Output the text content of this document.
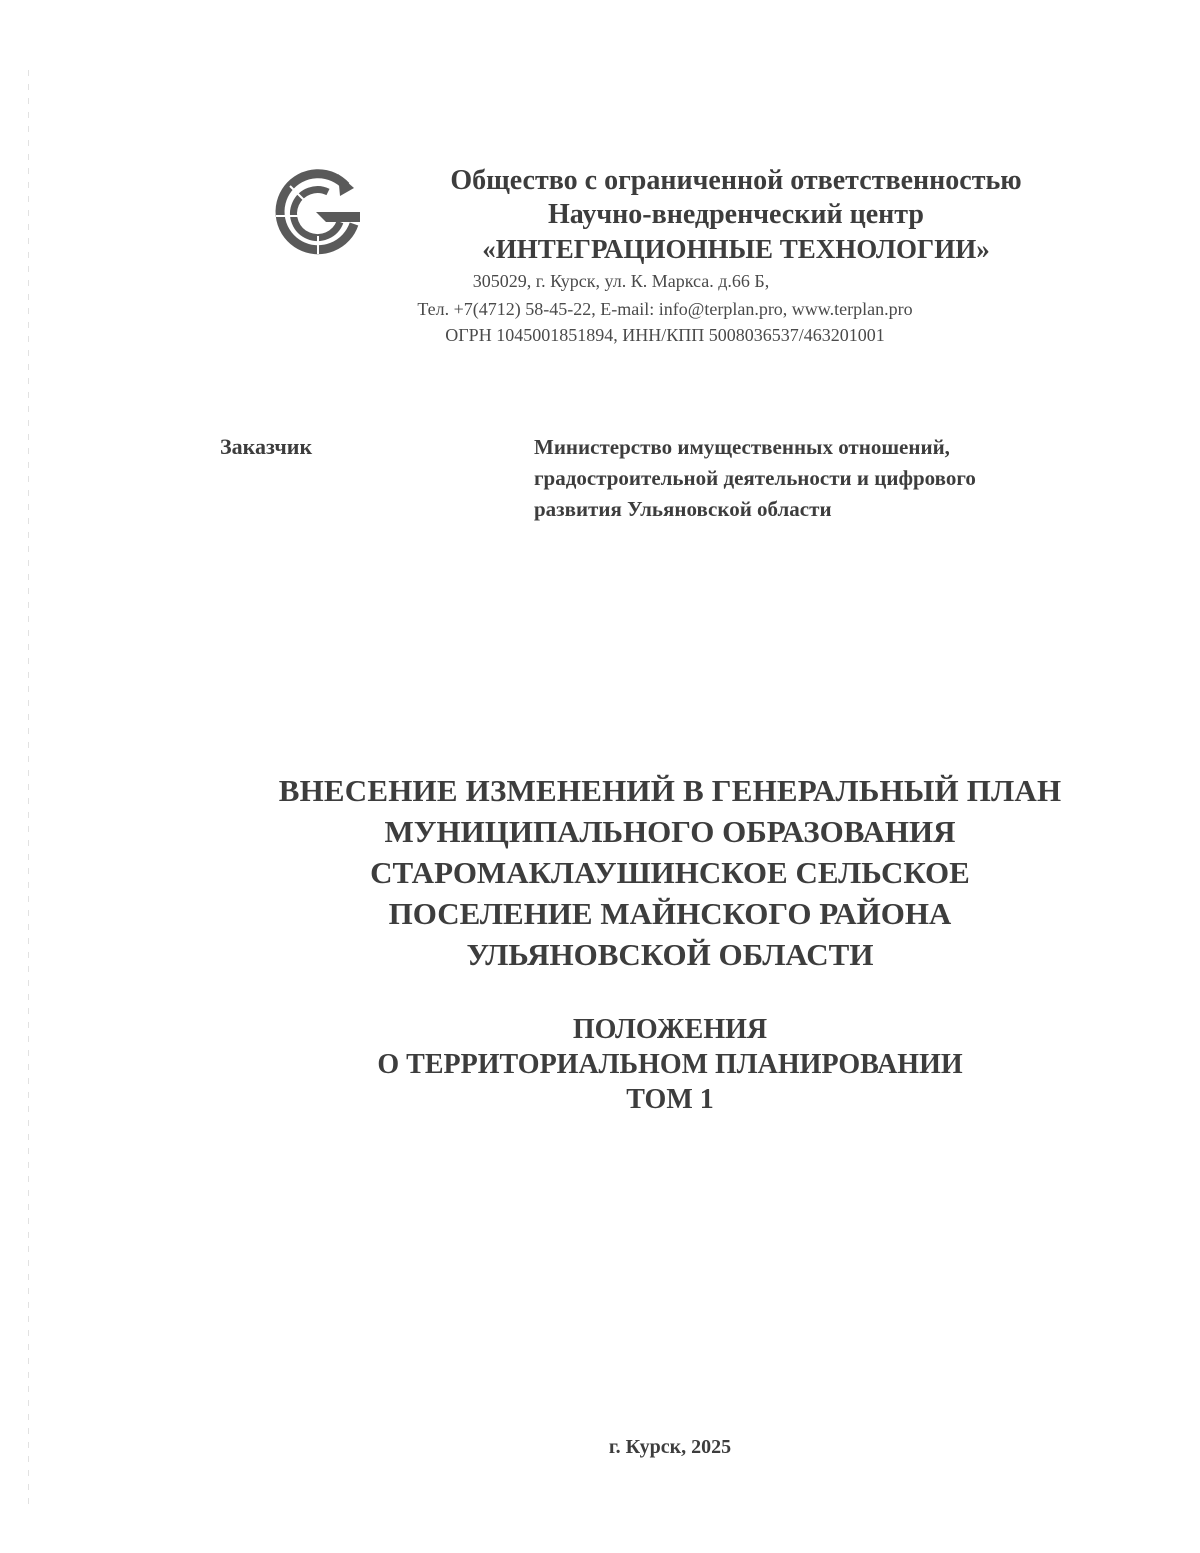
Общество с ограниченной ответственностью
Научно-внедренческий центр
«ИНТЕГРАЦИОННЫЕ ТЕХНОЛОГИИ»
305029, г. Курск, ул. К. Маркса. д.66 Б,
Тел. +7(4712) 58-45-22, E-mail: info@terplan.pro, www.terplan.pro
ОГРН 1045001851894, ИНН/КПП 5008036537/463201001
Заказчик	Министерство имущественных отношений,
градостроительной деятельности и цифрового
развития Ульяновской области
ВНЕСЕНИЕ ИЗМЕНЕНИЙ В ГЕНЕРАЛЬНЫЙ ПЛАН
МУНИЦИПАЛЬНОГО ОБРАЗОВАНИЯ
СТАРОМАКЛАУШИНСКОЕ СЕЛЬСКОЕ
ПОСЕЛЕНИЕ МАЙНСКОГО РАЙОНА
УЛЬЯНОВСКОЙ ОБЛАСТИ
ПОЛОЖЕНИЯ
О ТЕРРИТОРИАЛЬНОМ ПЛАНИРОВАНИИ
ТОМ 1
г. Курск, 2025
